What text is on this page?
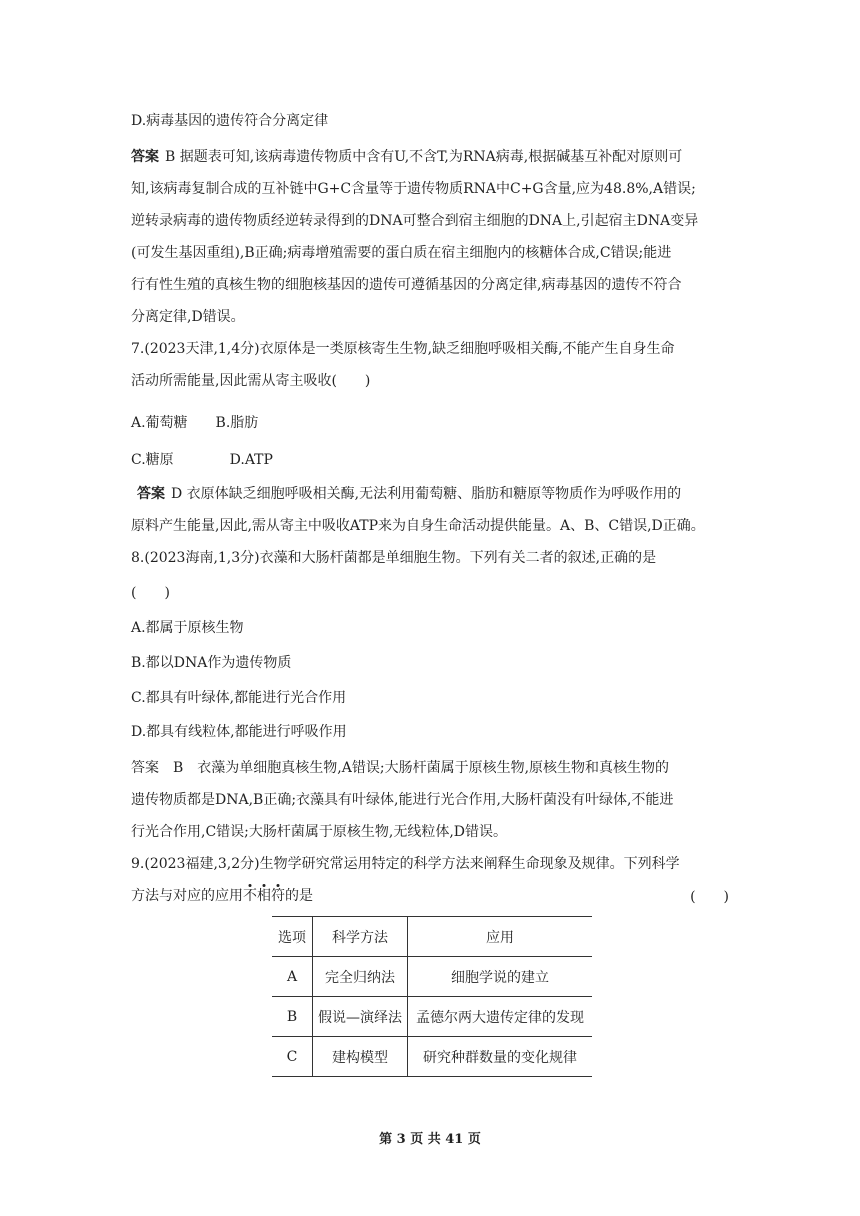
D.病毒基因的遗传符合分离定律
答案 B 据题表可知,该病毒遗传物质中含有U,不含T,为RNA病毒,根据碱基互补配对原则可
知,该病毒复制合成的互补链中G+C含量等于遗传物质RNA中C+G含量,应为48.8%,A错误;
逆转录病毒的遗传物质经逆转录得到的DNA可整合到宿主细胞的DNA上,引起宿主DNA变异
(可发生基因重组),B正确;病毒增殖需要的蛋白质在宿主细胞内的核糖体合成,C错误;能进
行有性生殖的真核生物的细胞核基因的遗传可遵循基因的分离定律,病毒基因的遗传不符合
分离定律,D错误。
7.(2023天津,1,4分)衣原体是一类原核寄生生物,缺乏细胞呼吸相关酶,不能产生自身生命
活动所需能量,因此需从寄主吸收(　　)
A.葡萄糖　　B.脂肪
C.糖原　　　　D.ATP
答案 D 衣原体缺乏细胞呼吸相关酶,无法利用葡萄糖、脂肪和糖原等物质作为呼吸作用的
原料产生能量,因此,需从寄主中吸收ATP来为自身生命活动提供能量。A、B、C错误,D正确。
8.(2023海南,1,3分)衣藻和大肠杆菌都是单细胞生物。下列有关二者的叙述,正确的是
(　　)
A.都属于原核生物
B.都以DNA作为遗传物质
C.都具有叶绿体,都能进行光合作用
D.都具有线粒体,都能进行呼吸作用
答案　B　衣藻为单细胞真核生物,A错误;大肠杆菌属于原核生物,原核生物和真核生物的
遗传物质都是DNA,B正确;衣藻具有叶绿体,能进行光合作用,大肠杆菌没有叶绿体,不能进
行光合作用,C错误;大肠杆菌属于原核生物,无线粒体,D错误。
9.(2023福建,3,2分)生物学研究常运用特定的科学方法来阐释生命现象及规律。下列科学
方法与对应的应用不相符的是	(　　)
选项	科学方法	应用
A	完全归纳法	细胞学说的建立
B	假说—演绎法	孟德尔两大遗传定律的发现
C	建构模型	研究种群数量的变化规律
第 3 页 共 41 页
